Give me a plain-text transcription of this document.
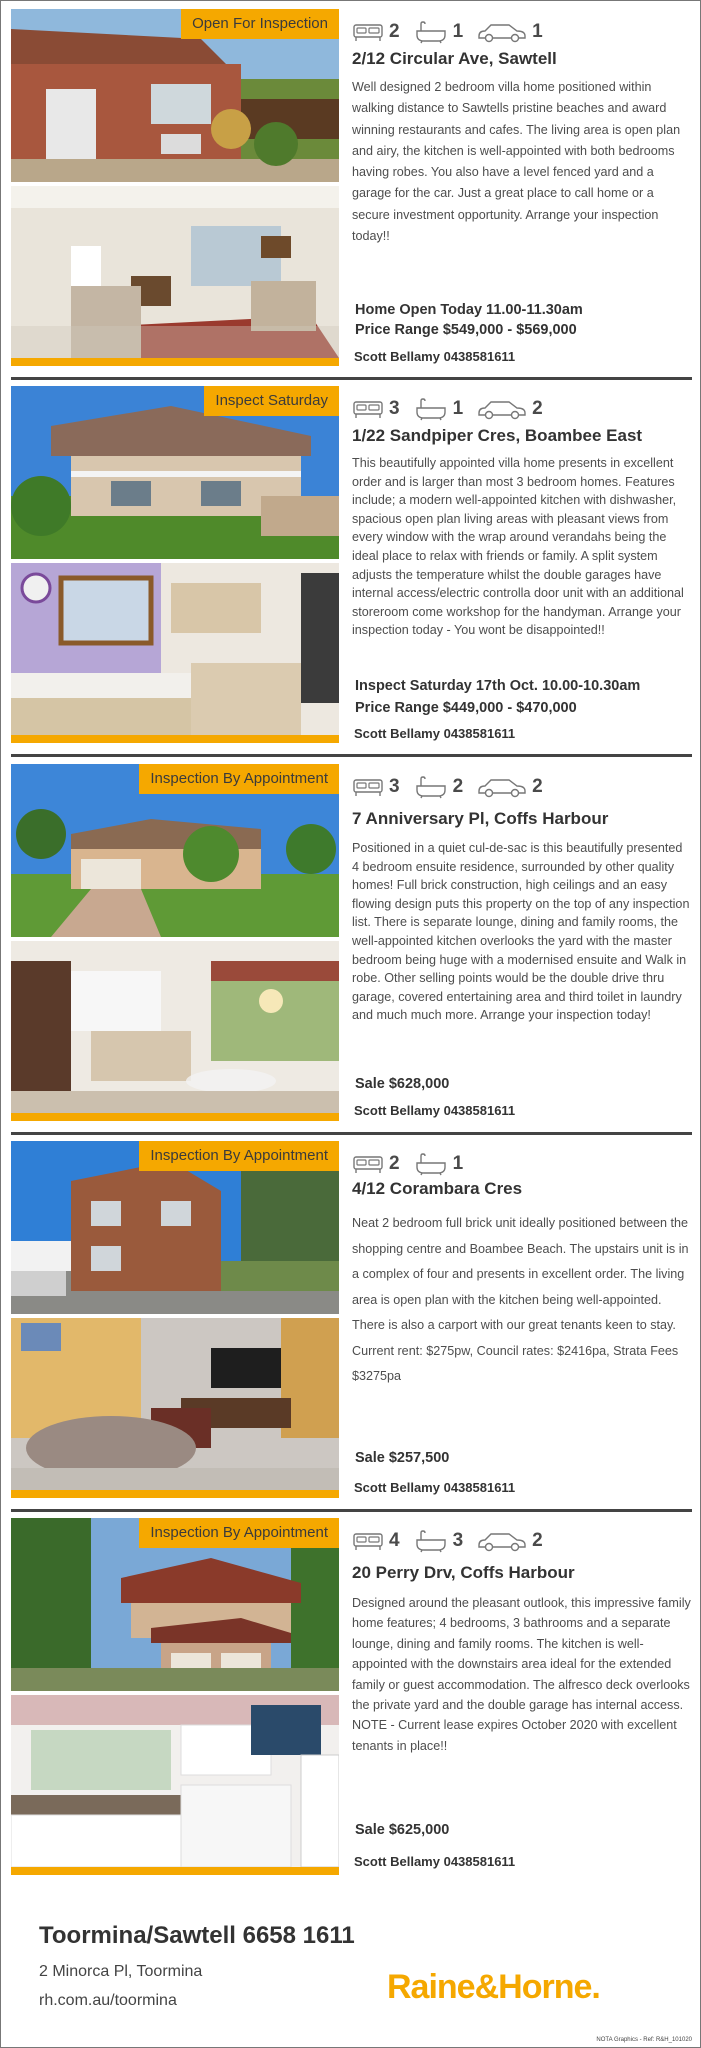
Open For Inspection	2	1	1
2/12 Circular Ave, Sawtell
Well designed 2 bedroom villa home positioned within walking distance to Sawtells pristine beaches and award winning restaurants and cafes. The living area is open plan and airy, the kitchen is well-appointed with both bedrooms having robes. You also have a level fenced yard and a garage for the car. Just a great place to call home or a secure investment opportunity. Arrange your inspection today!!
Home Open Today 11.00-11.30am
Price Range $549,000 - $569,000
Scott Bellamy 0438581611
Inspect Saturday	3	1	2
1/22 Sandpiper Cres, Boambee East
This beautifully appointed villa home presents in excellent order and is larger than most 3 bedroom homes. Features include; a modern well-appointed kitchen with dishwasher, spacious open plan living areas with pleasant views from every window with the wrap around verandahs being the ideal place to relax with friends or family. A split system adjusts the temperature whilst the double garages have internal access/electric controlla door unit with an additional storeroom come workshop for the handyman. Arrange your inspection today - You wont be disappointed!!
Inspect Saturday 17th Oct. 10.00-10.30am
Price Range $449,000 - $470,000
Scott Bellamy 0438581611
Inspection By Appointment	3	2	2
7 Anniversary Pl, Coffs Harbour
Positioned in a quiet cul-de-sac is this beautifully presented 4 bedroom ensuite residence, surrounded by other quality homes! Full brick construction, high ceilings and an easy flowing design puts this property on the top of any inspection list. There is separate lounge, dining and family rooms, the well-appointed kitchen overlooks the yard with the master bedroom being huge with a modernised ensuite and Walk in robe. Other selling points would be the double drive thru garage, covered entertaining area and third toilet in laundry and much much more. Arrange your inspection today!
Sale $628,000
Scott Bellamy 0438581611
Inspection By Appointment	2	1
4/12 Corambara Cres
Neat 2 bedroom full brick unit ideally positioned between the shopping centre and Boambee Beach. The upstairs unit is in a complex of four and presents in excellent order. The living area is open plan with the kitchen being well-appointed. There is also a carport with our great tenants keen to stay. Current rent: $275pw, Council rates: $2416pa, Strata Fees $3275pa
Sale $257,500
Scott Bellamy 0438581611
Inspection By Appointment	4	3	2
20 Perry Drv, Coffs Harbour
Designed around the pleasant outlook, this impressive family home features; 4 bedrooms, 3 bathrooms and a separate lounge, dining and family rooms. The kitchen is well-appointed with the downstairs area ideal for the extended family or guest accommodation. The alfresco deck overlooks the private yard and the double garage has internal access. NOTE - Current lease expires October 2020 with excellent tenants in place!!
Sale $625,000
Scott Bellamy 0438581611
Toormina/Sawtell 6658 1611
2 Minorca Pl, Toormina
rh.com.au/toormina	Raine&Horne.
NOTA Graphics - Ref: R&H_101020
